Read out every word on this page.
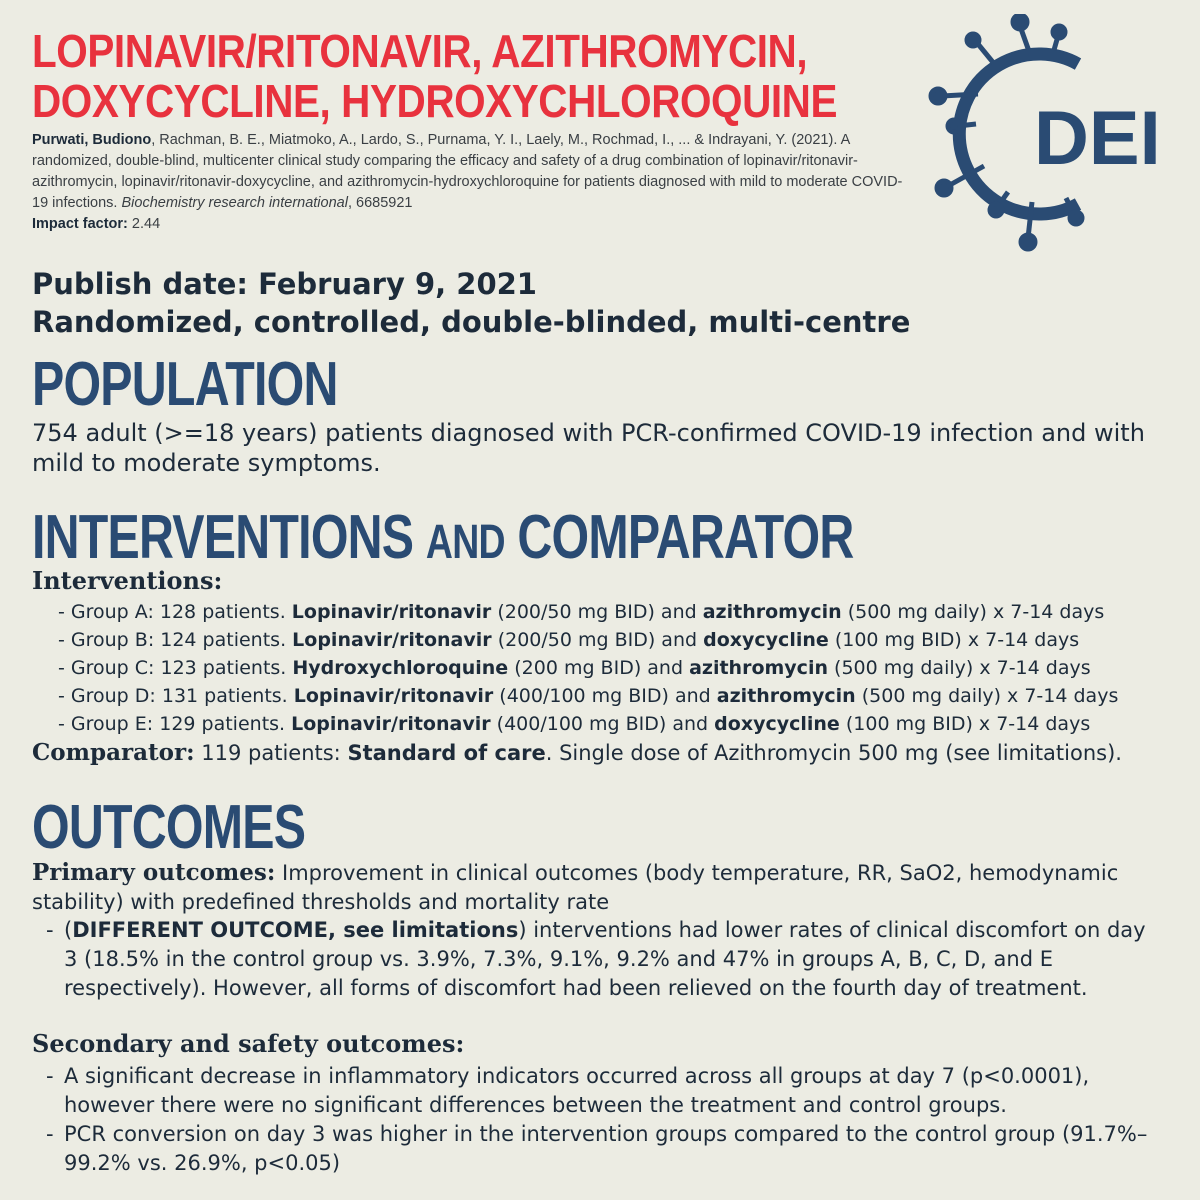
LOPINAVIR/RITONAVIR, AZITHROMYCIN,
DOXYCYCLINE, HYDROXYCHLOROQUINE
Purwati, Budiono, Rachman, B. E., Miatmoko, A., Lardo, S., Purnama, Y. I., Laely, M., Rochmad, I., ... & Indrayani, Y. (2021). A randomized, double-blind, multicenter clinical study comparing the efficacy and safety of a drug combination of lopinavir/ritonavir-azithromycin, lopinavir/ritonavir-doxycycline, and azithromycin-hydroxychloroquine for patients diagnosed with mild to moderate COVID-19 infections. Biochemistry research international, 6685921
Impact factor: 2.44
DEI
Publish date: February 9, 2021
Randomized, controlled, double-blinded, multi-centre
POPULATION
754 adult (>=18 years) patients diagnosed with PCR-confirmed COVID-19 infection and with mild to moderate symptoms.
INTERVENTIONS AND COMPARATOR
Interventions:
- Group A: 128 patients. Lopinavir/ritonavir (200/50 mg BID) and azithromycin (500 mg daily) x 7-14 days
- Group B: 124 patients. Lopinavir/ritonavir (200/50 mg BID) and doxycycline (100 mg BID) x 7-14 days
- Group C: 123 patients. Hydroxychloroquine (200 mg BID) and azithromycin (500 mg daily) x 7-14 days
- Group D: 131 patients. Lopinavir/ritonavir (400/100 mg BID) and azithromycin (500 mg daily) x 7-14 days
- Group E: 129 patients. Lopinavir/ritonavir (400/100 mg BID) and doxycycline (100 mg BID) x 7-14 days
Comparator: 119 patients: Standard of care. Single dose of Azithromycin 500 mg (see limitations).
OUTCOMES
Primary outcomes: Improvement in clinical outcomes (body temperature, RR, SaO2, hemodynamic stability) with predefined thresholds and mortality rate
- (DIFFERENT OUTCOME, see limitations) interventions had lower rates of clinical discomfort on day 3 (18.5% in the control group vs. 3.9%, 7.3%, 9.1%, 9.2% and 47% in groups A, B, C, D, and E respectively). However, all forms of discomfort had been relieved on the fourth day of treatment.
Secondary and safety outcomes:
- A significant decrease in inflammatory indicators occurred across all groups at day 7 (p<0.0001), however there were no significant differences between the treatment and control groups.
- PCR conversion on day 3 was higher in the intervention groups compared to the control group (91.7%–99.2% vs. 26.9%, p<0.05)
